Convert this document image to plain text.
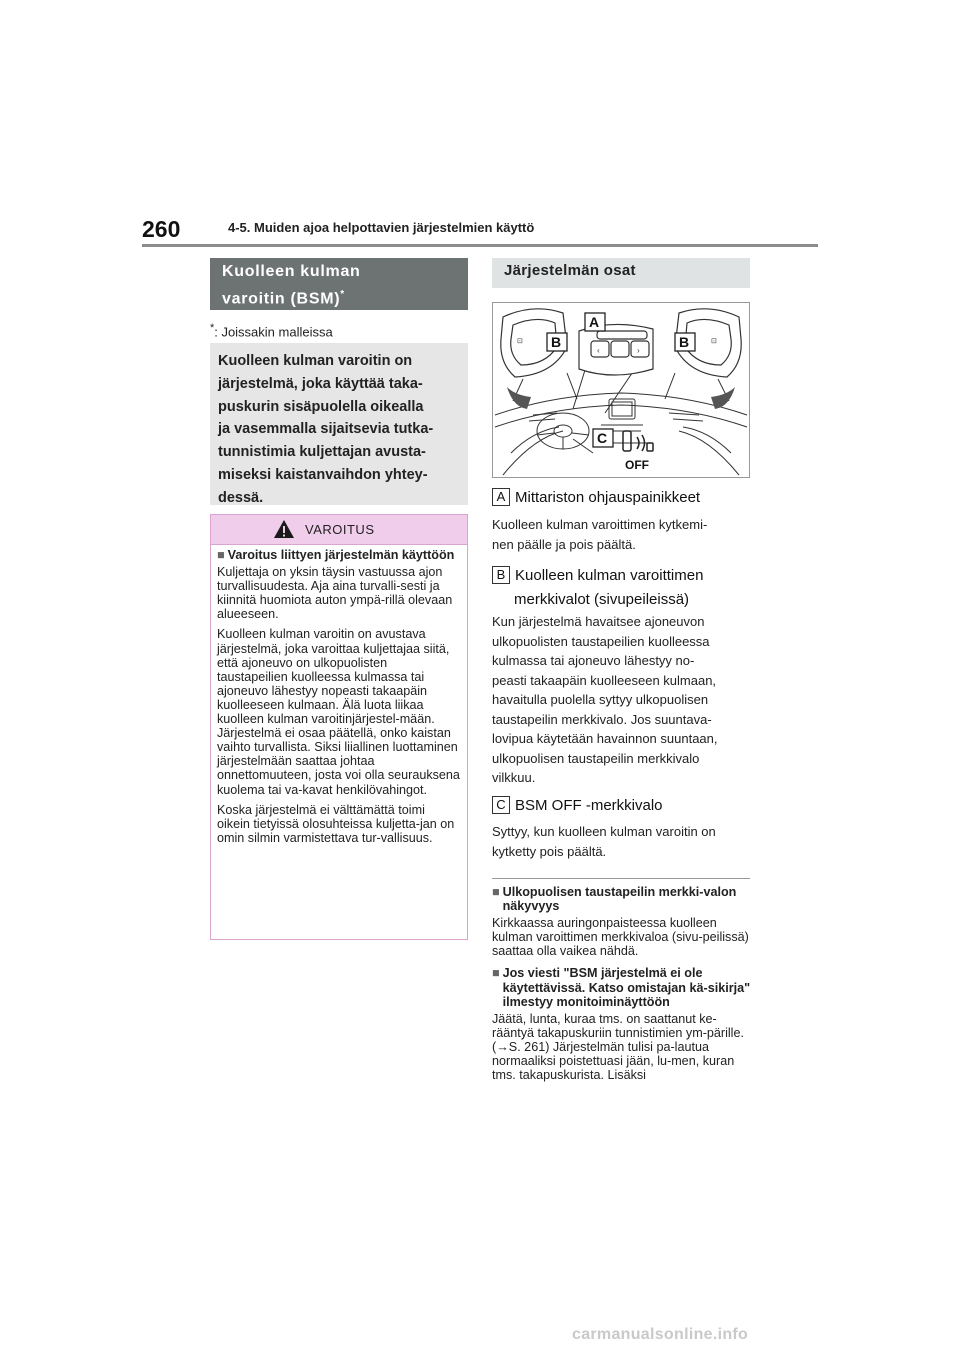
260	4-5. Muiden ajoa helpottavien järjestelmien käyttö
Kuolleen kulman
varoitin (BSM)*
*: Joissakin malleissa

Kuolleen kulman varoitin on
järjestelmä, joka käyttää taka-
puskurin sisäpuolella oikealla
ja vasemmalla sijaitsevia tutka-
tunnistimia kuljettajan avusta-
miseksi kaistanvaihdon yhtey-
dessä.

VAROITUS
■ Varoitus liittyen järjestelmän käyttöön

Kuljettaja on yksin täysin vastuussa ajon turvallisuudesta. Aja aina turvalli-sesti ja kiinnitä huomiota auton ympä-rillä olevaan alueeseen.

Kuolleen kulman varoitin on avustava järjestelmä, joka varoittaa kuljettajaa siitä, että ajoneuvo on ulkopuolisten taustapeilien kuolleessa kulmassa tai ajoneuvo lähestyy nopeasti takaapäin kuolleeseen kulmaan. Älä luota liikaa kuolleen kulman varoitinjärjestel-mään. Järjestelmä ei osaa päätellä, onko kaistan vaihto turvallista. Siksi liiallinen luottaminen järjestelmään saattaa johtaa onnettomuuteen, josta voi olla seurauksena kuolema tai va-kavat henkilövahingot.

Koska järjestelmä ei välttämättä toimi oikein tietyissä olosuhteissa kuljetta-jan on omin silmin varmistettava tur-vallisuus.

Järjestelmän osat
⊡	⊡
‹	›
B
A
B
C
OFF
A Mittariston ohjauspainikkeet
Kuolleen kulman varoittimen kytkemi-
nen päälle ja pois päältä.
B Kuolleen kulman varoittimen
merkkivalot (sivupeileissä)
Kun järjestelmä havaitsee ajoneuvon
ulkopuolisten taustapeilien kuolleessa
kulmassa tai ajoneuvo lähestyy no-
peasti takaapäin kuolleeseen kulmaan,
havaitulla puolella syttyy ulkopuolisen
taustapeilin merkkivalo. Jos suuntava-
lovipua käytetään havainnon suuntaan,
ulkopuolisen taustapeilin merkkivalo
vilkkuu.
C BSM OFF -merkkivalo
Syttyy, kun kuolleen kulman varoitin on
kytketty pois päältä.
■ Ulkopuolisen taustapeilin merkki-valon näkyvyys

Kirkkaassa auringonpaisteessa kuolleen kulman varoittimen merkkivaloa (sivu-peilissä) saattaa olla vaikea nähdä.

■ Jos viesti "BSM järjestelmä ei ole käytettävissä. Katso omistajan kä-sikirja" ilmestyy monitoiminäyttöön

Jäätä, lunta, kuraa tms. on saattanut ke-rääntyä takapuskuriin tunnistimien ym-pärille. (→S. 261) Järjestelmän tulisi pa-lautua normaaliksi poistettuasi jään, lu-men, kuran tms. takapuskurista. Lisäksi

carmanualsonline.info
